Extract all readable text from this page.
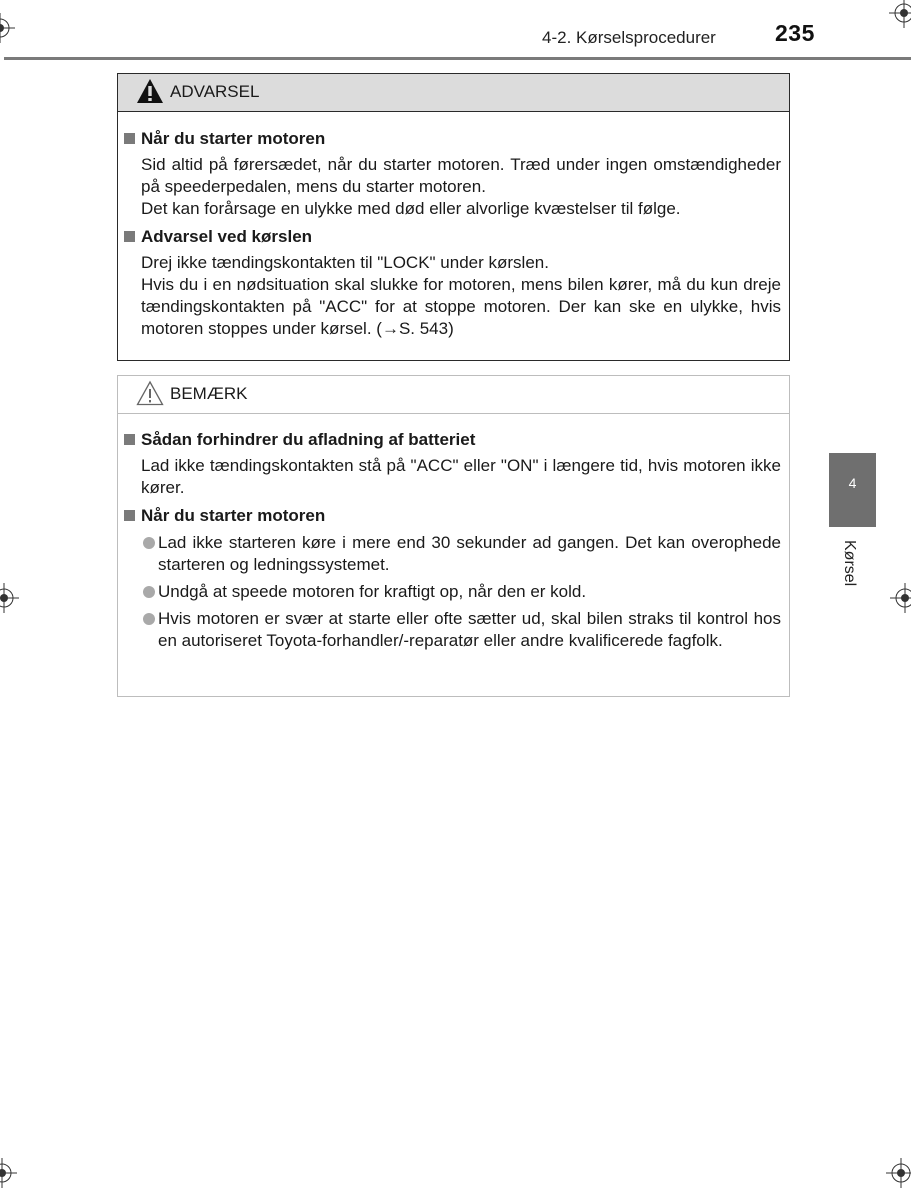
4-2. Kørselsprocedurer	235
4
Kørsel
ADVARSEL
Når du starter motoren
Sid altid på førersædet, når du starter motoren. Træd under ingen omstændigheder på speederpedalen, mens du starter motoren.
Det kan forårsage en ulykke med død eller alvorlige kvæstelser til følge.
Advarsel ved kørslen
Drej ikke tændingskontakten til "LOCK" under kørslen.
Hvis du i en nødsituation skal slukke for motoren, mens bilen kører, må du kun dreje tændingskontakten på "ACC" for at stoppe motoren. Der kan ske en ulykke, hvis motoren stoppes under kørsel. (→S. 543)
BEMÆRK
Sådan forhindrer du afladning af batteriet
Lad ikke tændingskontakten stå på "ACC" eller "ON" i længere tid, hvis motoren ikke kører.
Når du starter motoren
Lad ikke starteren køre i mere end 30 sekunder ad gangen. Det kan overophede starteren og ledningssystemet.
Undgå at speede motoren for kraftigt op, når den er kold.
Hvis motoren er svær at starte eller ofte sætter ud, skal bilen straks til kontrol hos en autoriseret Toyota-forhandler/-reparatør eller andre kvalificerede fagfolk.
